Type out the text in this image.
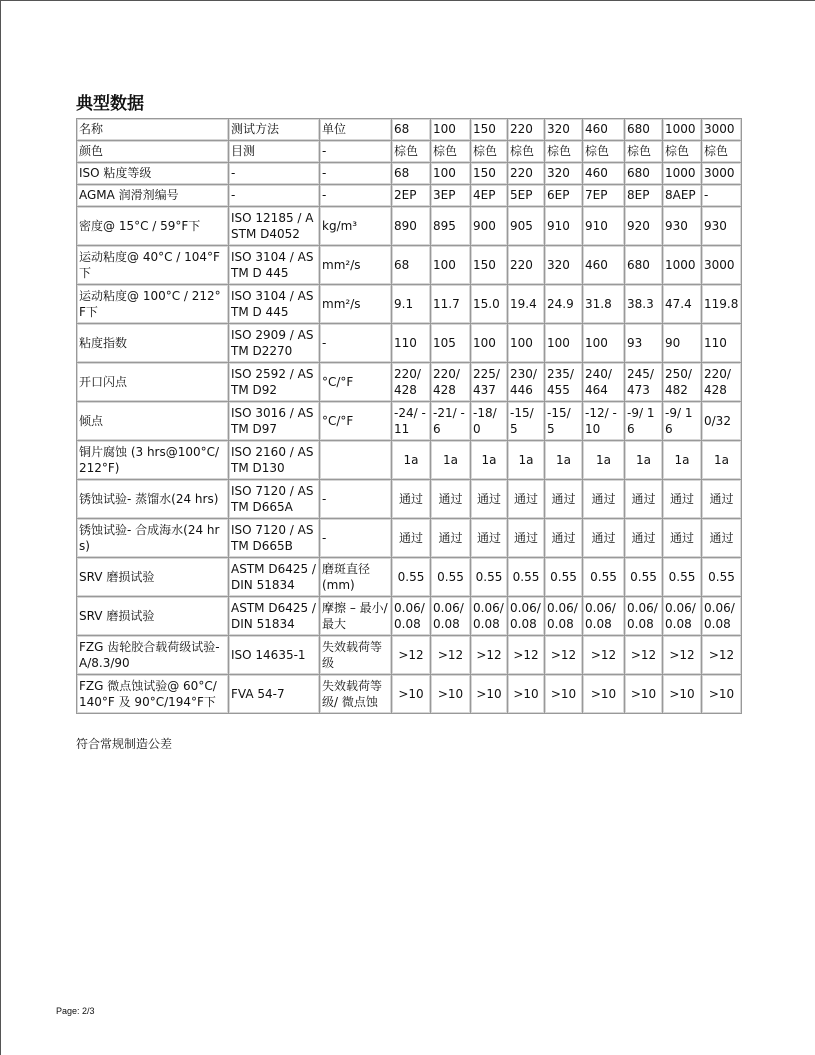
典型数据
名称	测试方法	单位	68	100	150	220	320	460	680	1000	3000
颜色	目测	-	棕色	棕色	棕色	棕色	棕色	棕色	棕色	棕色	棕色
ISO 粘度等级	-	-	68	100	150	220	320	460	680	1000	3000
AGMA 润滑剂编号	-	-	2EP	3EP	4EP	5EP	6EP	7EP	8EP	8AEP	-
密度@ 15°C / 59°F下	ISO 12185 / ASTM D4052	kg/m³	890	895	900	905	910	910	920	930	930
运动粘度@ 40°C / 104°F下	ISO 3104 / ASTM D 445	mm²/s	68	100	150	220	320	460	680	1000	3000
运动粘度@ 100°C / 212°F下	ISO 3104 / ASTM D 445	mm²/s	9.1	11.7	15.0	19.4	24.9	31.8	38.3	47.4	119.8
粘度指数	ISO 2909 / ASTM D2270	-	110	105	100	100	100	100	93	90	110
开口闪点	ISO 2592 / ASTM D92	°C/°F	220/ 428	220/ 428	225/ 437	230/ 446	235/ 455	240/ 464	245/ 473	250/ 482	220/ 428
倾点	ISO 3016 / ASTM D97	°C/°F	-24/ -11	-21/ -6	-18/ 0	-15/ 5	-15/ 5	-12/ -10	-9/ 16	-9/ 16	0/32
铜片腐蚀 (3 hrs@100°C/ 212°F)	ISO 2160 / ASTM D130		1a	1a	1a	1a	1a	1a	1a	1a	1a
锈蚀试验- 蒸馏水(24 hrs)	ISO 7120 / ASTM D665A	-	通过	通过	通过	通过	通过	通过	通过	通过	通过
锈蚀试验- 合成海水(24 hrs)	ISO 7120 / ASTM D665B	-	通过	通过	通过	通过	通过	通过	通过	通过	通过
SRV 磨损试验	ASTM D6425 / DIN 51834	磨斑直径 (mm)	0.55	0.55	0.55	0.55	0.55	0.55	0.55	0.55	0.55
SRV 磨损试验	ASTM D6425 / DIN 51834	摩擦 – 最小/最大	0.06/ 0.08	0.06/ 0.08	0.06/ 0.08	0.06/ 0.08	0.06/ 0.08	0.06/ 0.08	0.06/ 0.08	0.06/ 0.08	0.06/ 0.08
FZG 齿轮胶合载荷级试验-A/8.3/90	ISO 14635-1	失效载荷等级	>12	>12	>12	>12	>12	>12	>12	>12	>12
FZG 微点蚀试验@ 60°C/ 140°F 及 90°C/194°F下	FVA 54-7	失效载荷等级/ 微点蚀	>10	>10	>10	>10	>10	>10	>10	>10	>10
符合常规制造公差
Page: 2/3
